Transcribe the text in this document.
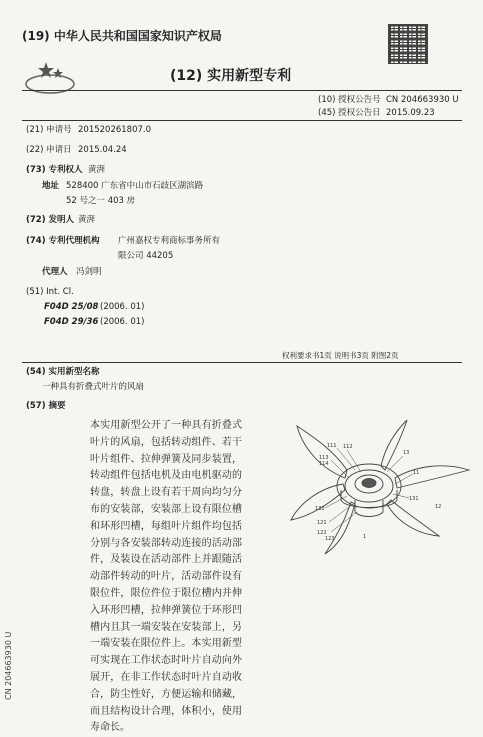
(19) 中华人民共和国国家知识产权局
(12) 实用新型专利
(10) 授权公告号 CN 204663930 U
(45) 授权公告日 2015.09.23
(21) 申请号 201520261807.0
(22) 申请日 2015.04.24
(73) 专利权人 黄湃
地址 528400 广东省中山市石歧区湖滨路
52 号之一 403 房
(72) 发明人 黄湃
(74) 专利代理机构 广州嘉权专利商标事务所有
限公司 44205
代理人 冯剑明
(51) Int. Cl.
F04D 25/08 (2006. 01)
F04D 29/36 (2006. 01)
权利要求书1页 说明书3页 附图2页
(54) 实用新型名称
一种具有折叠式叶片的风扇
(57) 摘要
本实用新型公开了一种具有折叠式叶片的风扇，包括转动组件、若干叶片组件、拉伸弹簧及同步装置，转动组件包括电机及由电机驱动的转盘，转盘上设有若干周向均匀分布的安装部，安装部上设有限位槽和环形凹槽，每组叶片组件均包括分别与各安装部转动连接的活动部件，及装设在活动部件上并跟随活动部件转动的叶片，活动部件设有限位件，限位件位于限位槽内并伸入环形凹槽，拉伸弹簧位于环形凹槽内且其一端安装在安装部上，另一端安装在限位件上。本实用新型可实现在工作状态时叶片自动向外展开，在非工作状态时叶片自动收合，防尘性好，方便运输和储藏，而且结构设计合理，体积小，使用寿命长。
111 112
113
114
13
11
131
12
132
121
122
123	1
CN 204663930 U
